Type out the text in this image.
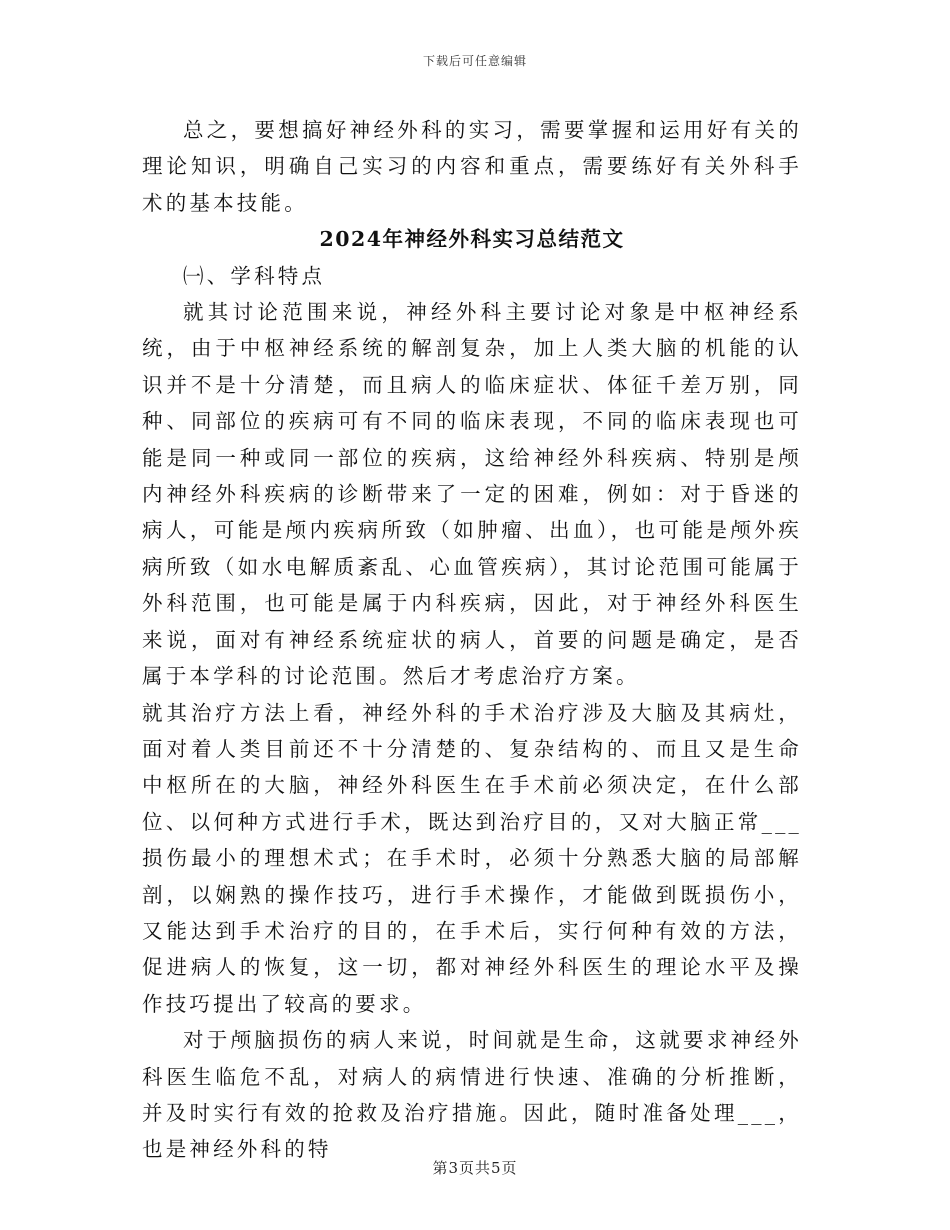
下载后可任意编辑

总之，要想搞好神经外科的实习，需要掌握和运用好有关的理论知识，明确自己实习的内容和重点，需要练好有关外科手术的基本技能。

2024年神经外科实习总结范文

㈠、学科特点

就其讨论范围来说，神经外科主要讨论对象是中枢神经系统，由于中枢神经系统的解剖复杂，加上人类大脑的机能的认识并不是十分清楚，而且病人的临床症状、体征千差万别，同种、同部位的疾病可有不同的临床表现，不同的临床表现也可能是同一种或同一部位的疾病，这给神经外科疾病、特别是颅内神经外科疾病的诊断带来了一定的困难，例如：对于昏迷的病人，可能是颅内疾病所致（如肿瘤、出血），也可能是颅外疾病所致（如水电解质紊乱、心血管疾病），其讨论范围可能属于外科范围，也可能是属于内科疾病，因此，对于神经外科医生来说，面对有神经系统症状的病人，首要的问题是确定，是否属于本学科的讨论范围。然后才考虑治疗方案。

就其治疗方法上看，神经外科的手术治疗涉及大脑及其病灶，面对着人类目前还不十分清楚的、复杂结构的、而且又是生命中枢所在的大脑，神经外科医生在手术前必须决定，在什么部位、以何种方式进行手术，既达到治疗目的，又对大脑正常___损伤最小的理想术式；在手术时，必须十分熟悉大脑的局部解剖，以娴熟的操作技巧，进行手术操作，才能做到既损伤小，又能达到手术治疗的目的，在手术后，实行何种有效的方法，促进病人的恢复，这一切，都对神经外科医生的理论水平及操作技巧提出了较高的要求。

对于颅脑损伤的病人来说，时间就是生命，这就要求神经外科医生临危不乱，对病人的病情进行快速、准确的分析推断，并及时实行有效的抢救及治疗措施。因此，随时准备处理___，也是神经外科的特

第3页共5页
